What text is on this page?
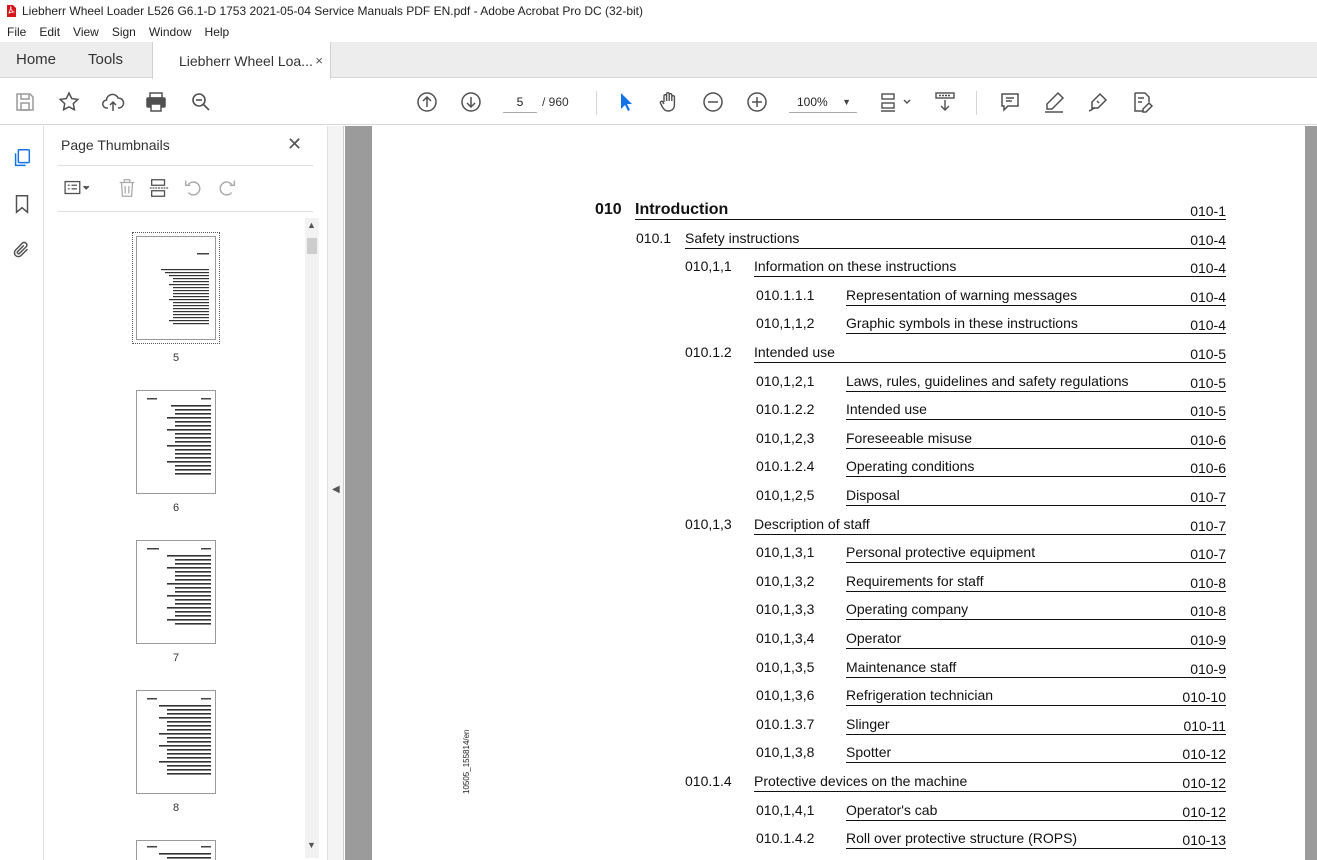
Liebherr Wheel Loader L526 G6.1-D 1753 2021-05-04 Service Manuals PDF EN.pdf - Adobe Acrobat Pro DC (32-bit)
File Edit View Sign Window Help
Home Tools	Liebherr Wheel Loa... ×
5	/ 960	100% ▼
Page Thumbnails	✕
5
6
7
8
▲
▼
◀
10505_155814/en
010 Introduction	010-1
010.1 Safety instructions	010-4
010,1,1 Information on these instructions	010-4
010.1.1.1 Representation of warning messages	010-4
010,1,1,2 Graphic symbols in these instructions	010-4
010.1.2 Intended use	010-5
010,1,2,1 Laws, rules, guidelines and safety regulations	010-5
010.1.2.2 Intended use	010-5
010,1,2,3 Foreseeable misuse	010-6
010.1.2.4 Operating conditions	010-6
010,1,2,5 Disposal	010-7
010,1,3 Description of staff	010-7
010,1,3,1 Personal protective equipment	010-7
010,1,3,2 Requirements for staff	010-8
010,1,3,3 Operating company	010-8
010,1,3,4 Operator	010-9
010,1,3,5 Maintenance staff	010-9
010,1,3,6 Refrigeration technician	010-10
010.1.3.7 Slinger	010-11
010,1,3,8 Spotter	010-12
010.1.4 Protective devices on the machine	010-12
010,1,4,1 Operator's cab	010-12
010.1.4.2 Roll over protective structure (ROPS)	010-13
